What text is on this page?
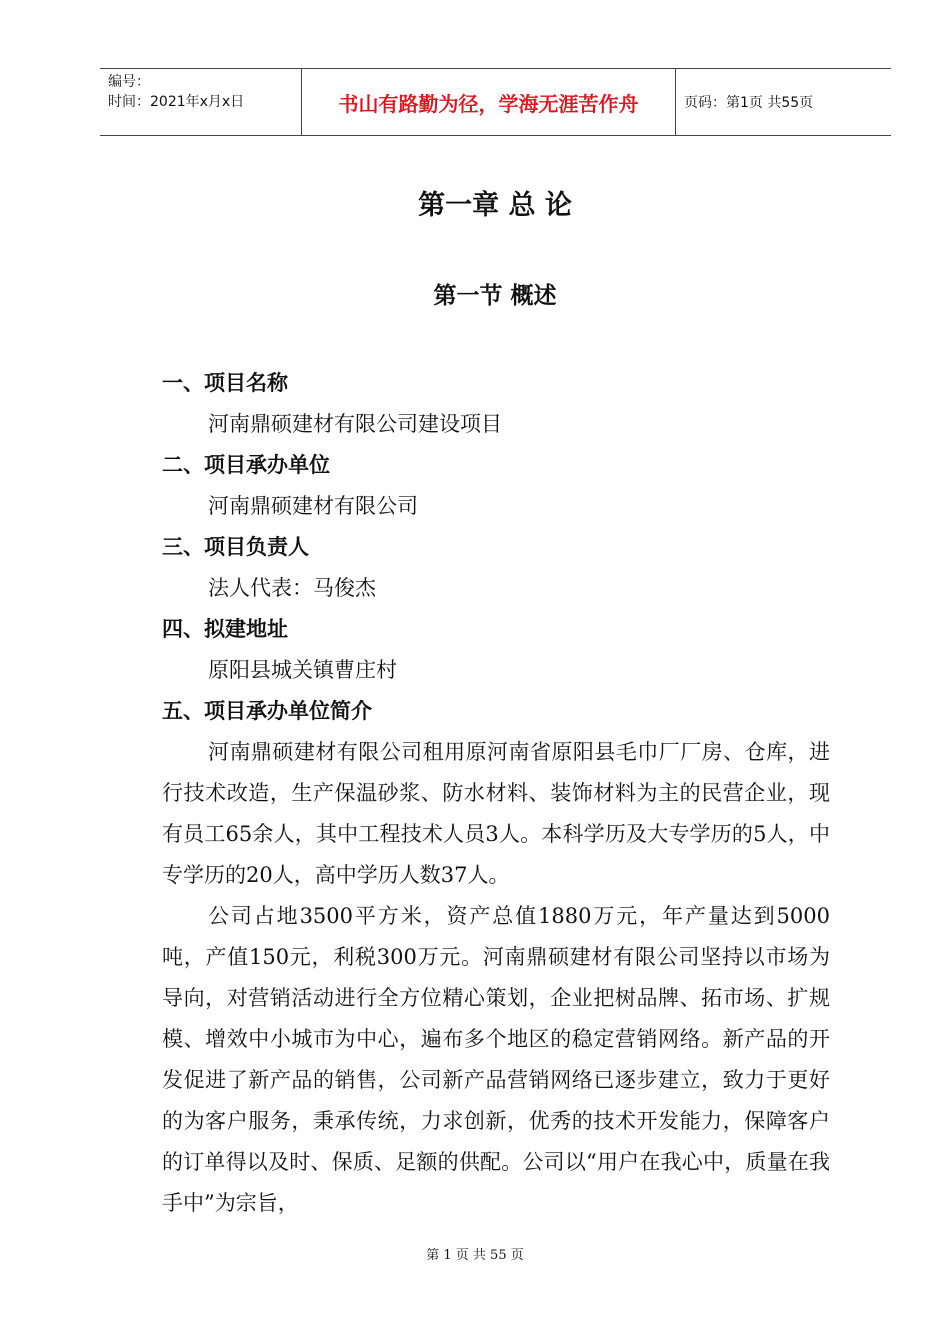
编号：
时间：2021年x月x日	书山有路勤为径，学海无涯苦作舟	页码：第1页 共55页
第一章 总 论
第一节 概述
一、项目名称
河南鼎硕建材有限公司建设项目
二、项目承办单位
河南鼎硕建材有限公司
三、项目负责人
法人代表：马俊杰
四、拟建地址
原阳县城关镇曹庄村
五、项目承办单位简介

河南鼎硕建材有限公司租用原河南省原阳县毛巾厂厂房、仓库，进行技术改造，生产保温砂浆、防水材料、装饰材料为主的民营企业，现有员工65余人，其中工程技术人员3人。本科学历及大专学历的5人，中专学历的20人，高中学历人数37人。

公司占地3500平方米，资产总值1880万元，年产量达到5000吨，产值150元，利税300万元。河南鼎硕建材有限公司坚持以市场为导向，对营销活动进行全方位精心策划，企业把树品牌、拓市场、扩规模、增效中小城市为中心，遍布多个地区的稳定营销网络。新产品的开发促进了新产品的销售，公司新产品营销网络已逐步建立，致力于更好的为客户服务，秉承传统，力求创新，优秀的技术开发能力，保障客户的订单得以及时、保质、足额的供配。公司以“用户在我心中，质量在我手中”为宗旨，

第 1 页 共 55 页
